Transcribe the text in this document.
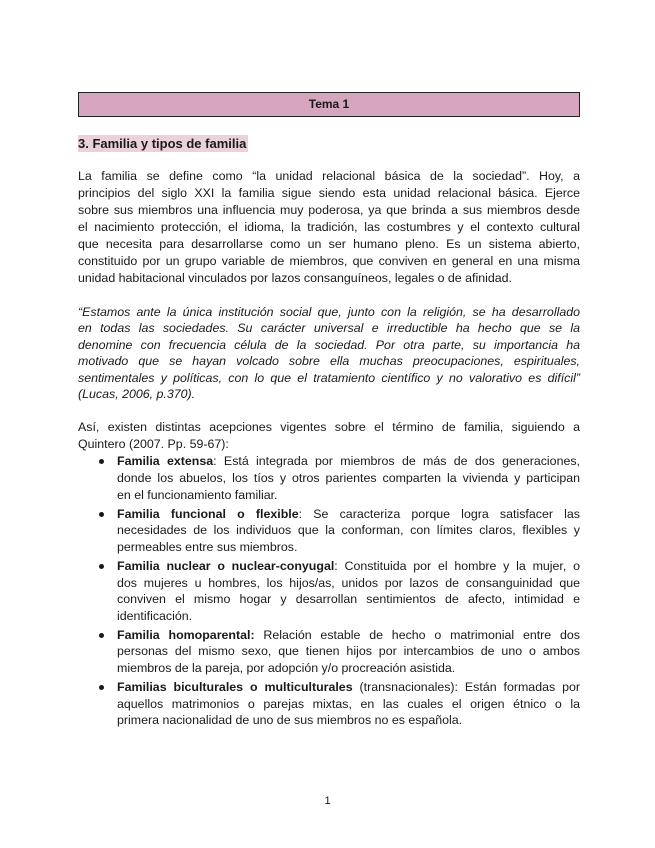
Tema 1
3. Familia y tipos de familia
La familia se define como “la unidad relacional básica de la sociedad”. Hoy, a
principios del siglo XXI la familia sigue siendo esta unidad relacional básica. Ejerce
sobre sus miembros una influencia muy poderosa, ya que brinda a sus miembros desde
el nacimiento protección, el idioma, la tradición, las costumbres y el contexto cultural
que necesita para desarrollarse como un ser humano pleno. Es un sistema abierto,
constituido por un grupo variable de miembros, que conviven en general en una misma
unidad habitacional vinculados por lazos consanguíneos, legales o de afinidad.
“Estamos ante la única institución social que, junto con la religión, se ha desarrollado
en todas las sociedades. Su carácter universal e irreductible ha hecho que se la
denomine con frecuencia célula de la sociedad. Por otra parte, su importancia ha
motivado que se hayan volcado sobre ella muchas preocupaciones, espirituales,
sentimentales y políticas, con lo que el tratamiento científico y no valorativo es difícil”
(Lucas, 2006, p.370).
Así, existen distintas acepciones vigentes sobre el término de familia, siguiendo a
Quintero (2007. Pp. 59-67):
Familia extensa: Está integrada por miembros de más de dos generaciones,
donde los abuelos, los tíos y otros parientes comparten la vivienda y participan
en el funcionamiento familiar.
Familia funcional o flexible: Se caracteriza porque logra satisfacer las
necesidades de los individuos que la conforman, con límites claros, flexibles y
permeables entre sus miembros.
Familia nuclear o nuclear-conyugal: Constituida por el hombre y la mujer, o
dos mujeres u hombres, los hijos/as, unidos por lazos de consanguinidad que
conviven el mismo hogar y desarrollan sentimientos de afecto, intimidad e
identificación.
Familia homoparental: Relación estable de hecho o matrimonial entre dos
personas del mismo sexo, que tienen hijos por intercambios de uno o ambos
miembros de la pareja, por adopción y/o procreación asistida.
Familias biculturales o multiculturales (transnacionales): Están formadas por
aquellos matrimonios o parejas mixtas, en las cuales el origen étnico o la
primera nacionalidad de uno de sus miembros no es española.
1
